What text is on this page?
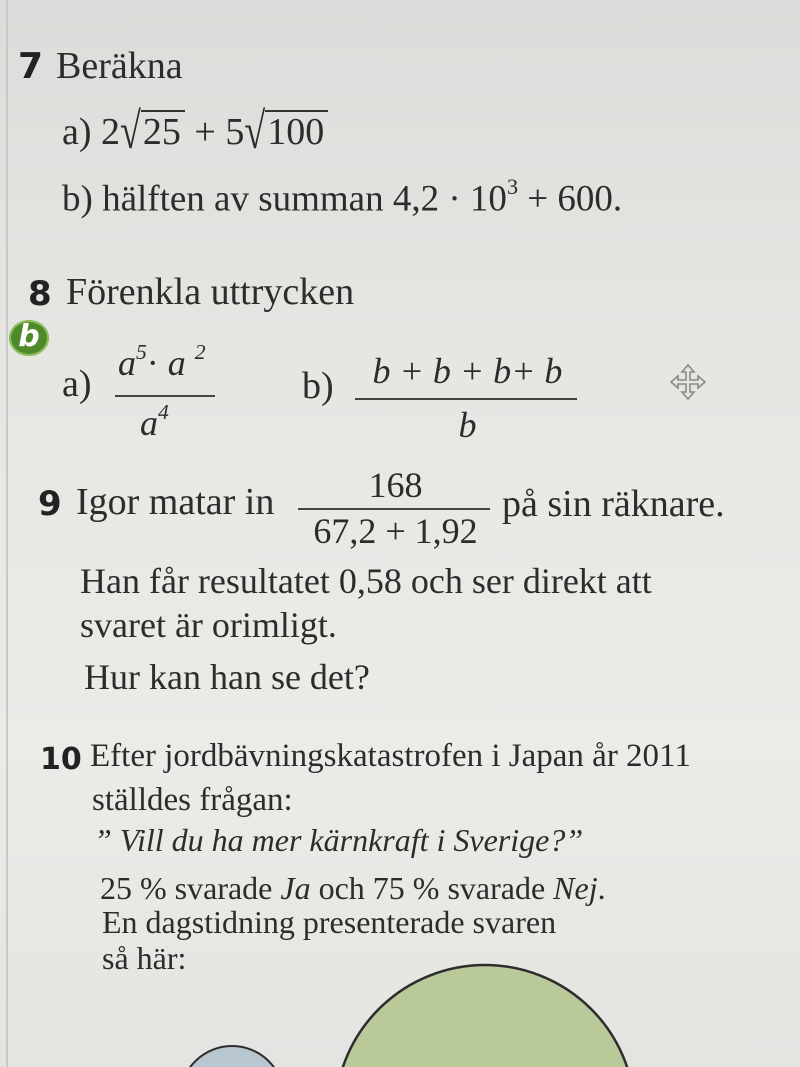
7 Beräkna
a) 2√25 + 5√100
b) hälften av summan $4,2 \cdot 10^3 + 600$.
8 Förenkla uttrycken
b
a) $a^5\cdot a$ $^2$
$a^4$
b)	b + b + b+ b
b
9 Igor matar in	168
67,2 + 1,92
på sin räknare.
Han får resultatet 0,58 och ser direkt att
svaret är orimligt.
Hur kan han se det?
10 Efter jordbävningskatastrofen i Japan år 2011
ställdes frågan:
” Vill du ha mer kärnkraft i Sverige?”
25 % svarade Ja och 75 % svarade Nej.
En dagstidning presenterade svaren
så här:
